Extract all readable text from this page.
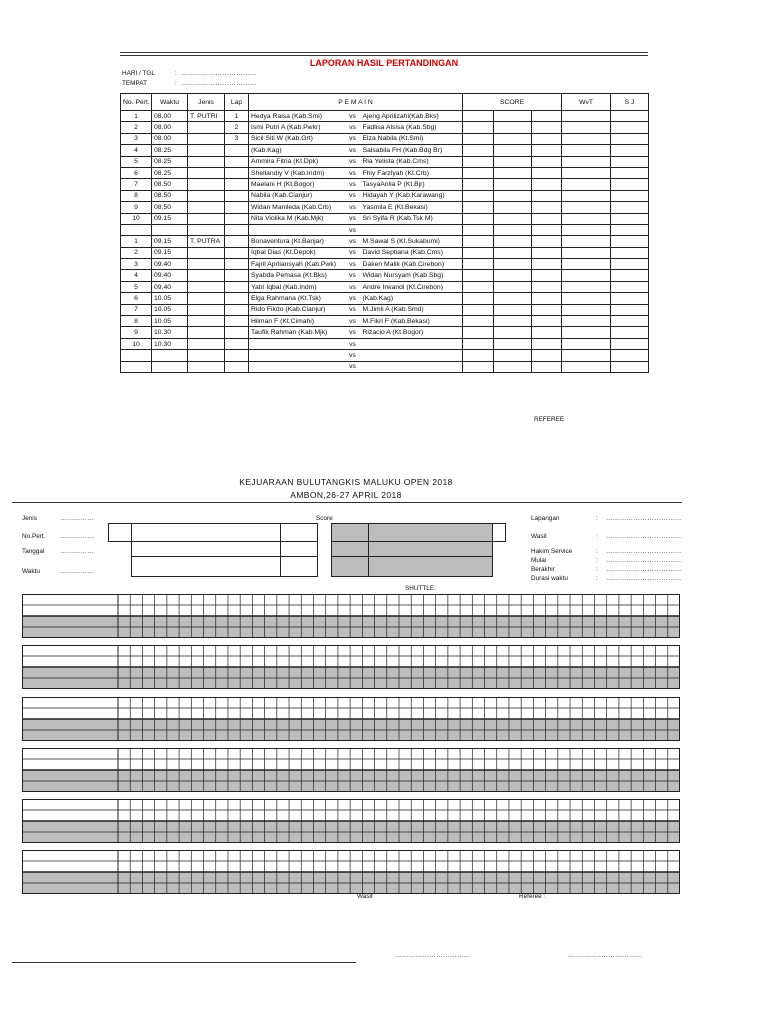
LAPORAN HASIL PERTANDINGAN
HARI / TGL	: ……………………………
TEMPAT	: ……………………………
No. Pert.	Waktu	Jenis	Lap	P E M A I N			SCORE			WvT	S J
1	08.00	T. PUTRI	1	Hedya Raisa (Kab.Smi)	vs	Ajeng Aprilizahi(Kab.Bks)					
2	08.00		2	Ismi Putri A (Kab.Pwkr)	vs	Fadlisa Alsisa (Kab.Sbg)					
3	08.00		3	Sicil Siti W (Kab.Grt)	vs	Elza Nabila (Kt.Smi)					
4	08.25			(Kab.Kag)	vs	Salsabila FH (Kab.Bdg Br)					
5	08.25			Ammira Fitria (Kt.Dpk)	vs	Ria Yelista (Kab.Cms)					
6	08.25			Shellandiy V (Kab.Indm)	vs	Fhiy Farzlyah (Kt.Crb)					
7	08.50			Maelani H (Kt.Bogor)	vs	TasyaAnlia P (Kt.Bjr)					
8	08.50			Nabila (Kab.Cianjur)	vs	Hidayah Y (Kab.Karawang)					
9	08.50			Widan Manileda (Kab.Crb)	vs	Yasmila E (Kt.Bekasi)					
10	09.15			Nita Violika M (Kab.Mjk)	vs	Sri Syifa R (Kab.Tsk M)					
					vs						
1	09.15	T. PUTRA		Bonaventura (Kt.Banjar)	vs	M.Sawal S (Kt.Sukabumi)					
2	09.15			Iqbal Dias (Kt.Depok)	vs	David Septiana (Kab.Cms)					
3	09.40			Fajril Aprliansyah (Kab.Pwk)	vs	Daken Malik (Kab.Cirebon)					
4	09.40			Syabda Pemasa (Kt.Bks)	vs	Widan Nursyam (Kab.Sbg)					
5	09.40			Yatri Iqbal (Kab.Indm)	vs	Andre Irwandi (Kt.Cirebon)					
6	10.05			Elga Rahmana (Kt.Tsk)	vs	(Kab.Kag)					
7	10.05			Rido Fikdo (Kab.Cianjur)	vs	M.Jimli A (Kab.Smd)					
8	10.05			Hilman F (Kt.Cimahi)	vs	M.Fikri F (Kab.Bekasi)					
9	10.30			Taufik Rahman (Kab.Mjk)	vs	Rizacio A (Kt.Bogor)					
10	10.30				vs						
					vs						
					vs						
REFEREE
KEJUARAAN BULUTANGKIS MALUKU OPEN 2018
AMBON,26-27 APRIL 2018
Jenis	……………
No.Pert. ……………
Tanggal ……………
Waktu	……………
Score	Lapangan	: ……………………………
Wasit	: ……………………………
Hakim Service	: ……………………………
Mulai	: ……………………………
Berakhir	: ……………………………
Durasi waktu	: ……………………………
SHUTTLE:
Wasit	Referee :
……………………………	……………………………
